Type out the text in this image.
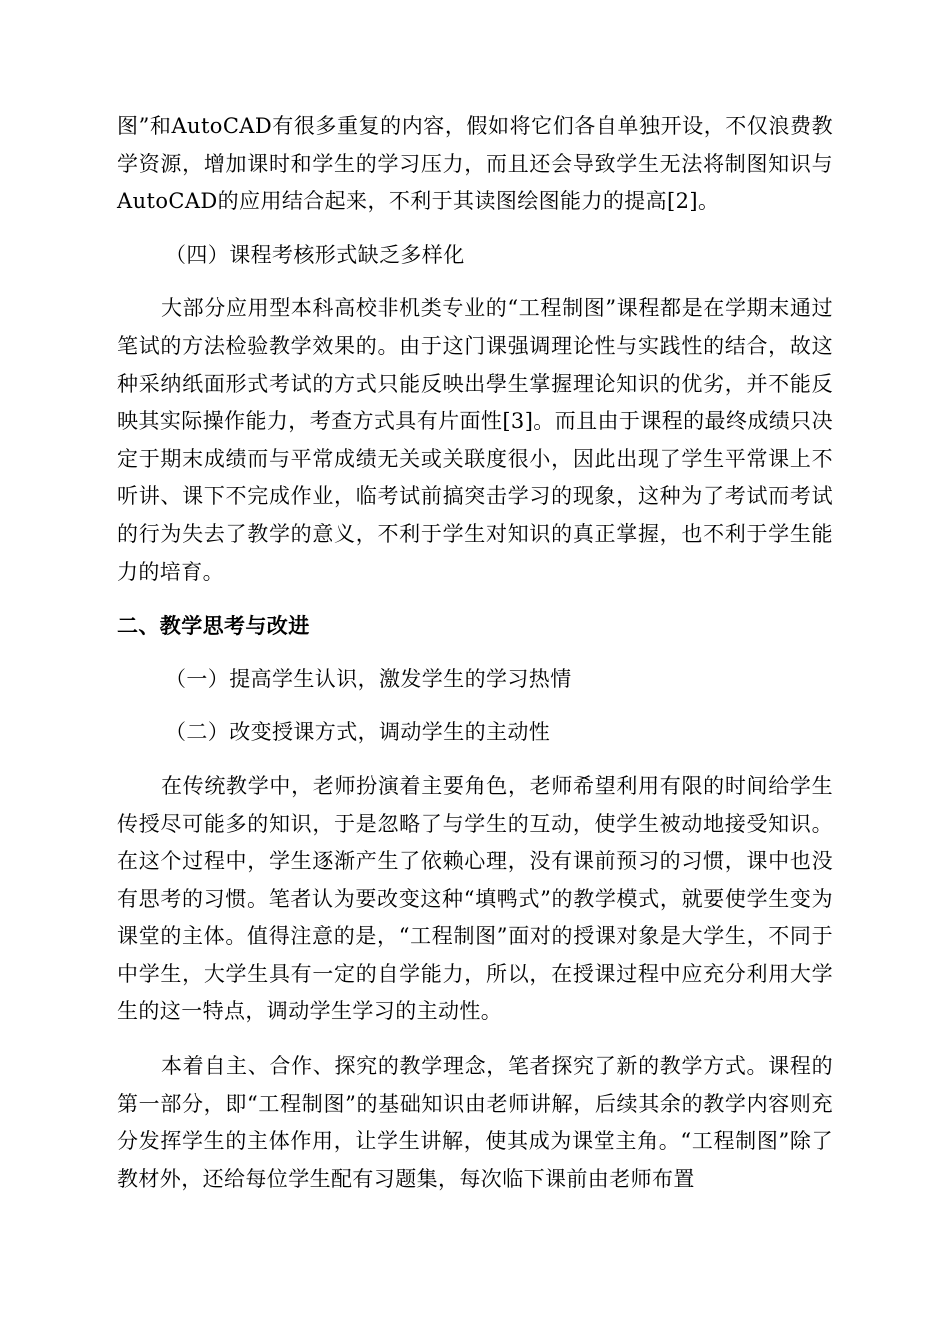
图”和AutoCAD有很多重复的内容，假如将它们各自单独开设，不仅浪费教学资源，增加课时和学生的学习压力，而且还会导致学生无法将制图知识与AutoCAD的应用结合起来，不利于其读图绘图能力的提高[2]。

（四）课程考核形式缺乏多样化

大部分应用型本科高校非机类专业的“工程制图”课程都是在学期末通过笔试的方法检验教学效果的。由于这门课强调理论性与实践性的结合，故这种采纳纸面形式考试的方式只能反映出學生掌握理论知识的优劣，并不能反映其实际操作能力，考查方式具有片面性[3]。而且由于课程的最终成绩只决定于期末成绩而与平常成绩无关或关联度很小，因此出现了学生平常课上不听讲、课下不完成作业，临考试前搞突击学习的现象，这种为了考试而考试的行为失去了教学的意义，不利于学生对知识的真正掌握，也不利于学生能力的培育。

二、教学思考与改进

（一）提高学生认识，激发学生的学习热情

（二）改变授课方式，调动学生的主动性

在传统教学中，老师扮演着主要角色，老师希望利用有限的时间给学生传授尽可能多的知识，于是忽略了与学生的互动，使学生被动地接受知识。在这个过程中，学生逐渐产生了依赖心理，没有课前预习的习惯，课中也没有思考的习惯。笔者认为要改变这种“填鸭式”的教学模式，就要使学生变为课堂的主体。值得注意的是，“工程制图”面对的授课对象是大学生，不同于中学生，大学生具有一定的自学能力，所以，在授课过程中应充分利用大学生的这一特点，调动学生学习的主动性。

本着自主、合作、探究的教学理念，笔者探究了新的教学方式。课程的第一部分，即“工程制图”的基础知识由老师讲解，后续其余的教学内容则充分发挥学生的主体作用，让学生讲解，使其成为课堂主角。“工程制图”除了教材外，还给每位学生配有习题集，每次临下课前由老师布置
